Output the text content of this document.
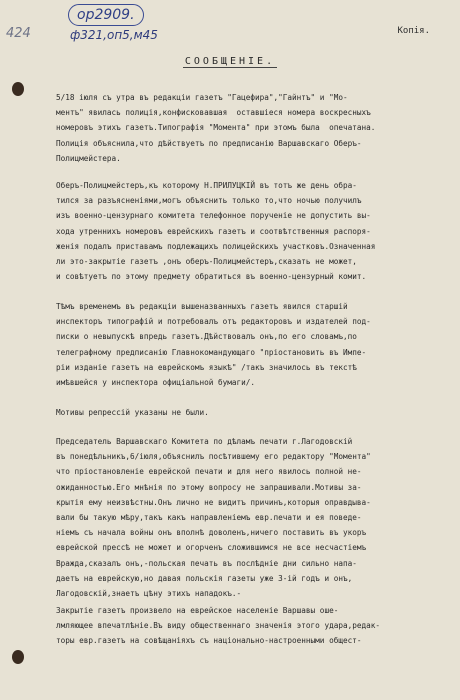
ор2909.
424	ф321,оп5,м45	Копія.
СООБЩЕНІЕ.
5/18 іюля съ утра въ редакціи газетъ "Гацефира","Гайнтъ" и "Мо-
ментъ" явилась полиція,конфисковавшая  оставшіеся номера воскресныхъ
номеровъ этихъ газетъ.Типографія "Момента" при этомъ была  опечатана.
Полиція объяснила,что дѣйствуетъ по предписанію Варшавскаго Оберъ-
Полицмейстера.
Оберъ-Полицмейстеръ,къ которому Н.ПРИЛУЦКІЙ въ тотъ же день обра-
тился за разъясненіями,могъ объяснить только то,что ночью получилъ
изъ военно-цензурнаго комитета телефонное порученіе не допустить вы-
хода утреннихъ номеровъ еврейскихъ газетъ и соотвѣтственныя распоря-
женія подалъ приставамъ подлежащихъ полицейскихъ участковъ.Означенная
ли это-закрытіе газетъ ,онъ оберъ-Полицмейстеръ,сказать не может,
и совѣтуетъ по этому предмету обратиться въ военно-цензурный комит.
Тѣмъ временемъ въ редакціи вышеназванныхъ газетъ явился старшій
инспекторъ типографій и потребовалъ отъ редакторовъ и издателей под-
писки о невыпускѣ впредь газетъ.Дѣйствовалъ онъ,по его словамъ,по
телеграфному предписанію Главнокомандующаго "пріостановить въ Импе-
ріи изданіе газетъ на еврейскомъ языкѣ" /такъ значилось въ текстѣ
имѣвшейся у инспектора офиціальной бумаги/.
Мотивы репрессій указаны не были.
Председатель Варшавскаго Комитета по дѣламъ печати г.Лагодовскій
въ понедѣльникъ,6/іюля,объяснилъ посѣтившему его редактору "Момента"
что пріостановленіе еврейской печати и для него явилось полной не-
ожиданностью.Его мнѣнія по этому вопросу не запрашивали.Мотивы за-
крытія ему неизвѣстны.Онъ лично не видитъ причинъ,которыя оправдыва-
вали бы такую мѣру,такъ какъ направленіемъ евр.печати и ея поведе-
ніемъ съ начала войны онъ вполнѣ доволенъ,ничего поставить въ укоръ
еврейской прессѣ не может и огорченъ сложившимся не все несчастіемъ
Вражда,сказалъ онъ,-польская печать въ послѣдніе дни сильно напа-
даетъ на еврейскую,но давая польскія газеты уже 3-ій годъ и онъ,
Лагодовскій,знаетъ цѣну этихъ нападокъ.-
Закрытіе газетъ произвело на еврейское населеніе Варшавы оше-
лмляющее впечатлѣніе.Въ виду общественнаго значенія этого удара,редак-
торы евр.газетъ на совѣщаніяхъ съ національно-настроенными общест-
